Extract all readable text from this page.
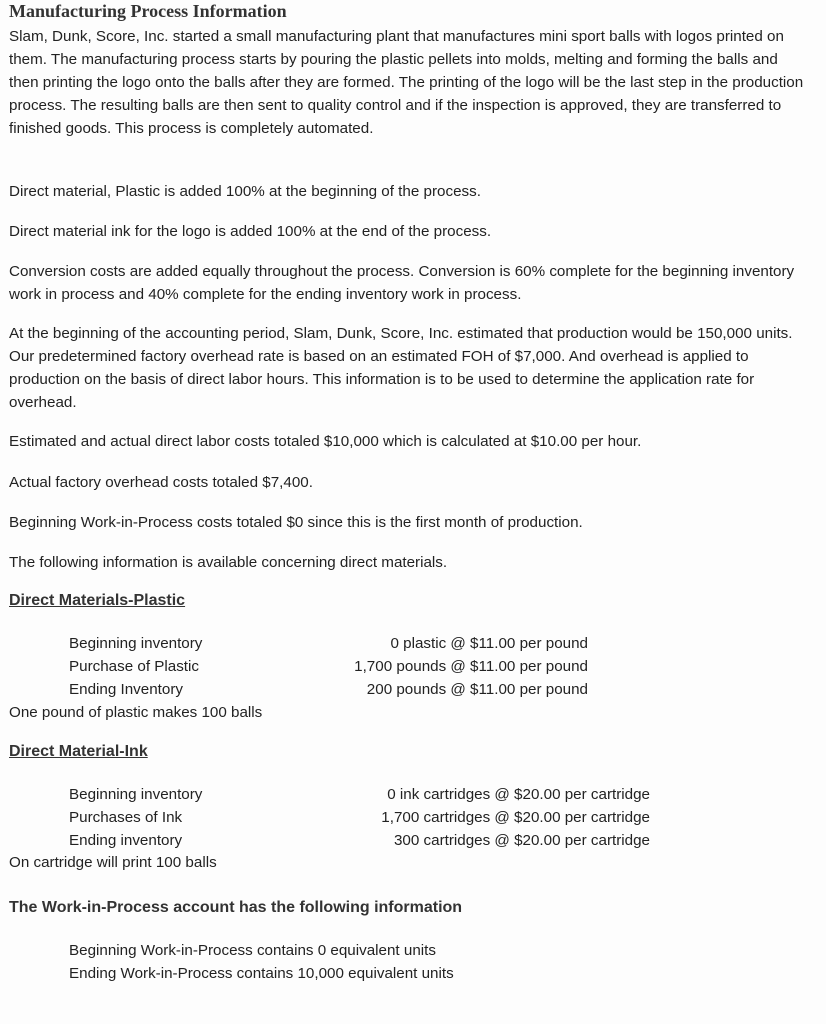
Manufacturing Process Information

Slam, Dunk, Score, Inc. started a small manufacturing plant that manufactures mini sport balls with logos printed on them. The manufacturing process starts by pouring the plastic pellets into molds, melting and forming the balls and then printing the logo onto the balls after they are formed. The printing of the logo will be the last step in the production process. The resulting balls are then sent to quality control and if the inspection is approved, they are transferred to finished goods. This process is completely automated.

Direct material, Plastic is added 100% at the beginning of the process.

Direct material ink for the logo is added 100% at the end of the process.

Conversion costs are added equally throughout the process. Conversion is 60% complete for the beginning inventory work in process and 40% complete for the ending inventory work in process.

At the beginning of the accounting period, Slam, Dunk, Score, Inc. estimated that production would be 150,000 units. Our predetermined factory overhead rate is based on an estimated FOH of $7,000. And overhead is applied to production on the basis of direct labor hours. This information is to be used to determine the application rate for overhead.

Estimated and actual direct labor costs totaled $10,000 which is calculated at $10.00 per hour.

Actual factory overhead costs totaled $7,400.

Beginning Work-in-Process costs totaled $0 since this is the first month of production.

The following information is available concerning direct materials.

Direct Materials-Plastic
Beginning inventory	0 plastic @ $11.00 per pound
Purchase of Plastic	1,700 pounds @ $11.00 per pound
Ending Inventory	200 pounds @ $11.00 per pound
One pound of plastic makes 100 balls
Direct Material-Ink
Beginning inventory	0 ink cartridges @ $20.00 per cartridge
Purchases of Ink	1,700 cartridges @ $20.00 per cartridge
Ending inventory	300 cartridges @ $20.00 per cartridge
On cartridge will print 100 balls
The Work-in-Process account has the following information
Beginning Work-in-Process contains 0 equivalent units
Ending Work-in-Process contains 10,000 equivalent units
